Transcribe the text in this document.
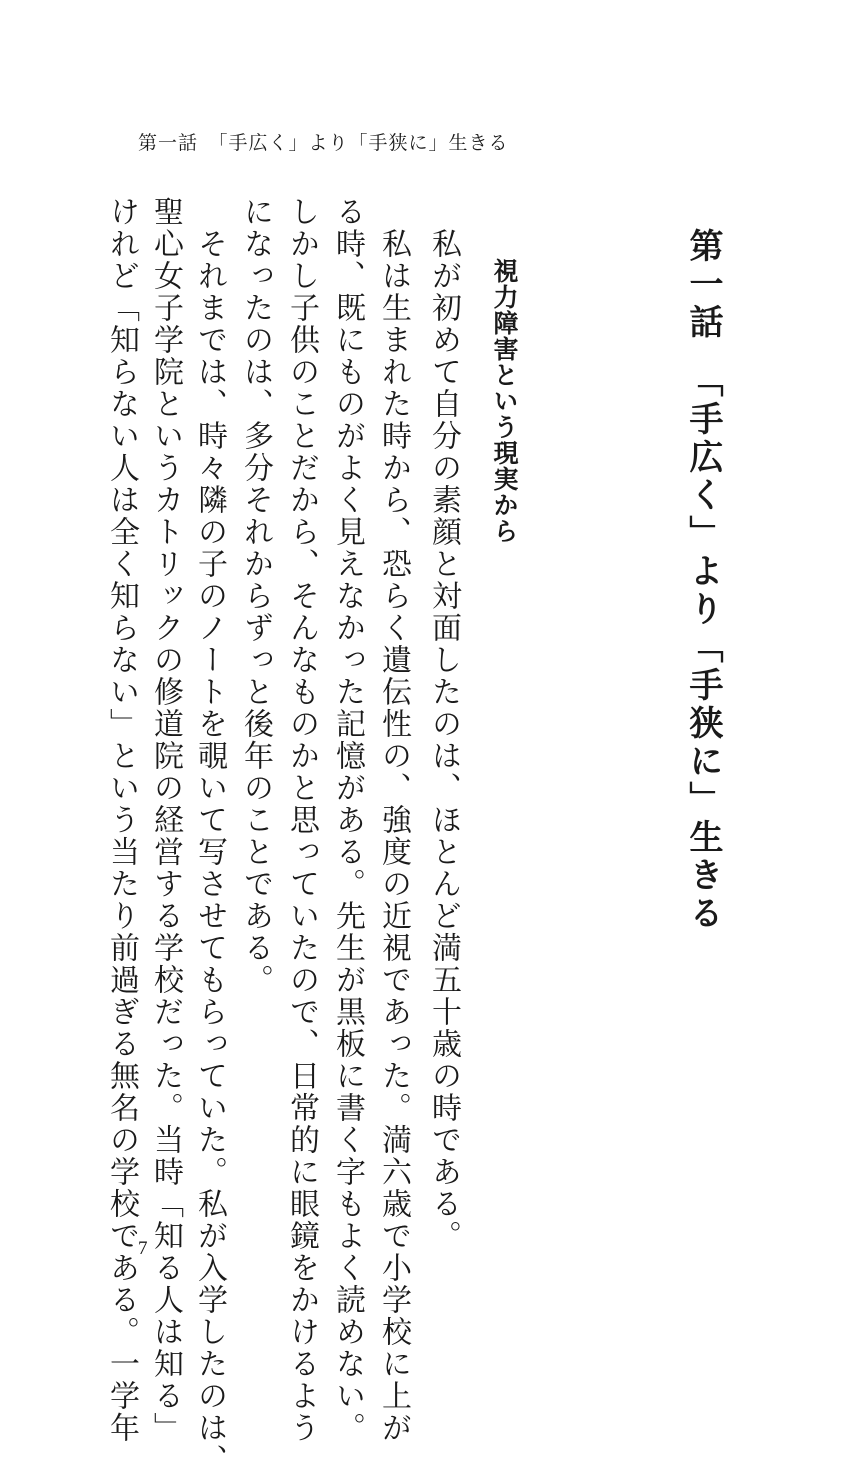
第一話　「手広く」より「手狭に」生きる
第一話　「手広く」より「手狭に」生きる
視力障害という現実から
　私が初めて自分の素顔と対面したのは、ほとんど満五十歳の時である。
　私は生まれた時から、恐らく遺伝性の、強度の近視であった。満六歳で小学校に上が
る時、既にものがよく見えなかった記憶がある。先生が黒板に書く字もよく読めない。
しかし子供のことだから、そんなものかと思っていたので、日常的に眼鏡をかけるよう
になったのは、多分それからずっと後年のことである。
　それまでは、時々隣の子のノートを覗いて写させてもらっていた。私が入学したのは、
聖心女子学院というカトリックの修道院の経営する学校だった。当時「知る人は知る」
けれど「知らない人は全く知らない」という当たり前過ぎる無名の学校である。一学年 7
